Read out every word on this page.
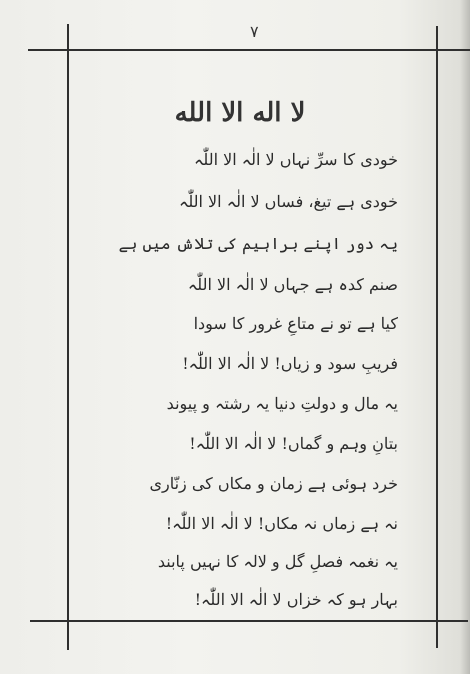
۷
لا اله الا الله
خودی کا سرِّ نہاں لا الٰہ الا اللّٰہ
خودی ہے تیغ، فساں لا الٰہ الا اللّٰہ
یہ دور اپنے براہیم کی تلاش میں ہے
صنم کدہ ہے جہاں لا الٰہ الا اللّٰہ
کیا ہے تو نے متاعِ غرور کا سودا
فریبِ سود و زیاں! لا الٰہ الا اللّٰہ!
یہ مال و دولتِ دنیا یہ رشتہ و پیوند
بتانِ وہم و گماں! لا الٰہ الا اللّٰہ!
خرد ہوئی ہے زمان و مکاں کی زنّاری
نہ ہے زماں نہ مکاں! لا الٰہ الا اللّٰہ!
یہ نغمہ فصلِ گل و لالہ کا نہیں پابند
بہار ہو کہ خزاں لا الٰہ الا اللّٰہ!
